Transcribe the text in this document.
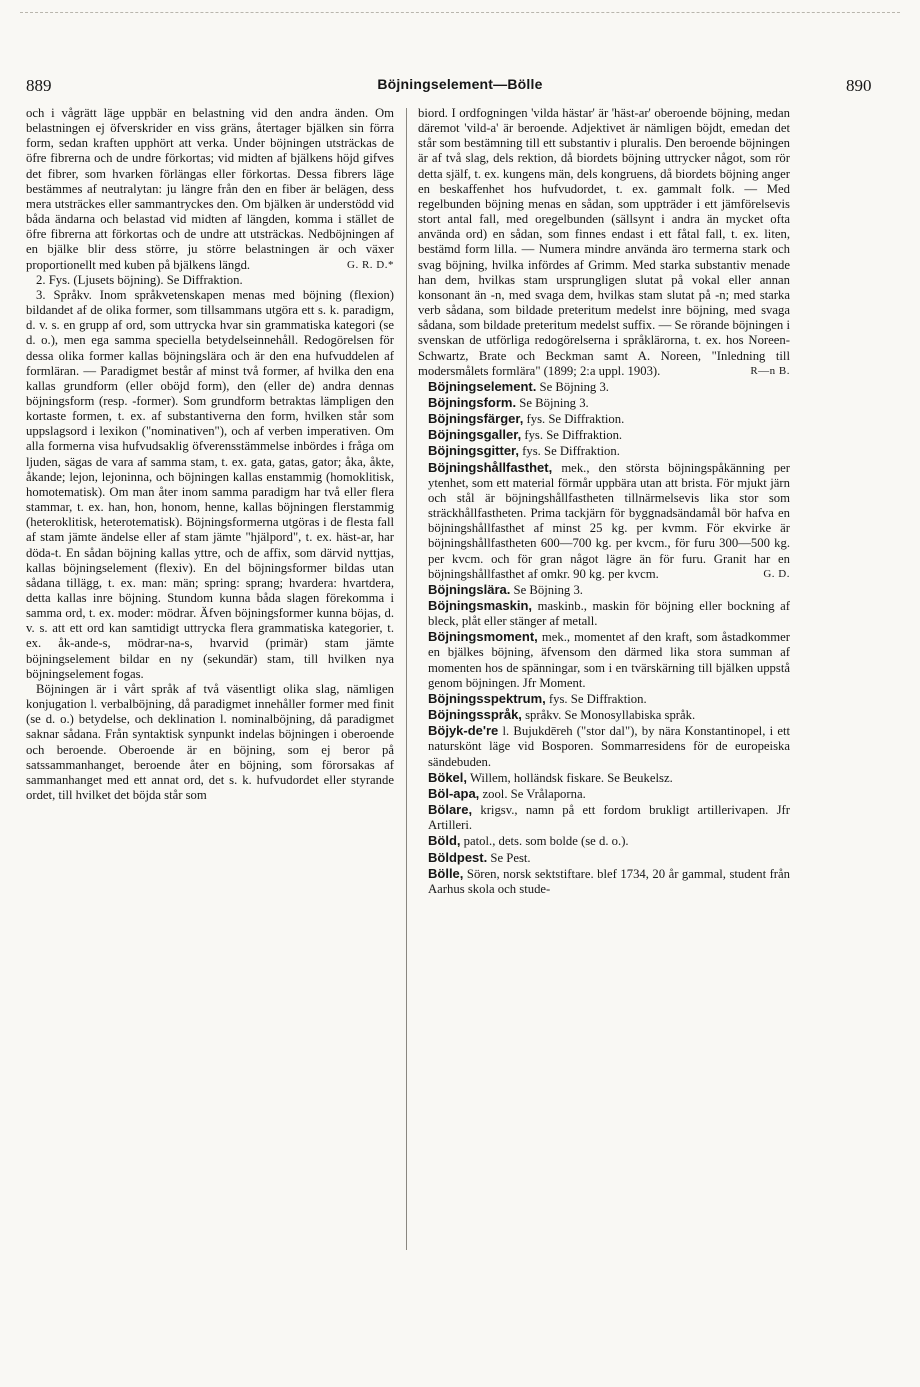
889	Böjningselement—Bölle	890

och i vågrätt läge uppbär en belastning vid den andra änden. Om belastningen ej öfverskrider en viss gräns, återtager bjälken sin förra form, sedan kraften upphört att verka. Under böjningen utsträckas de öfre fibrerna och de undre förkortas; vid midten af bjälkens höjd gifves det fibrer, som hvarken förlängas eller förkortas. Dessa fibrers läge bestämmes af neutralytan: ju längre från den en fiber är belägen, dess mera utsträckes eller sammantryckes den. Om bjälken är understödd vid båda ändarna och belastad vid midten af längden, komma i stället de öfre fibrerna att förkortas och de undre att utsträckas. Nedböjningen af en bjälke blir dess större, ju större belastningen är och växer proportionellt med kuben på bjälkens längd.	G. R. D.*

2. Fys. (Ljusets böjning). Se Diffraktion.

3. Språkv. Inom språkvetenskapen menas med böjning (flexion) bildandet af de olika former, som tillsammans utgöra ett s. k. paradigm, d. v. s. en grupp af ord, som uttrycka hvar sin grammatiska kategori (se d. o.), men ega samma speciella betydelseinnehåll. Redogörelsen för dessa olika former kallas böjningslära och är den ena hufvuddelen af formläran. — Paradigmet består af minst två former, af hvilka den ena kallas grundform (eller oböjd form), den (eller de) andra dennas böjningsform (resp. -former). Som grundform betraktas lämpligen den kortaste formen, t. ex. af substantiverna den form, hvilken står som uppslagsord i lexikon ("nominativen"), och af verben imperativen. Om alla formerna visa hufvudsaklig öfverensstämmelse inbördes i fråga om ljuden, sägas de vara af samma stam, t. ex. gata, gatas, gator; åka, åkte, åkande; lejon, lejoninna, och böjningen kallas enstammig (homoklitisk, homotematisk). Om man åter inom samma paradigm har två eller flera stammar, t. ex. han, hon, honom, henne, kallas böjningen flerstammig (heteroklitisk, heterotematisk). Böjningsformerna utgöras i de flesta fall af stam jämte ändelse eller af stam jämte "hjälpord", t. ex. häst-ar, har döda-t. En sådan böjning kallas yttre, och de affix, som därvid nyttjas, kallas böjningselement (flexiv). En del böjningsformer bildas utan sådana tillägg, t. ex. man: män; spring: sprang; hvardera: hvartdera, detta kallas inre böjning. Stundom kunna båda slagen förekomma i samma ord, t. ex. moder: mödrar. Äfven böjningsformer kunna böjas, d. v. s. att ett ord kan samtidigt uttrycka flera grammatiska kategorier, t. ex. åk-ande-s, mödrar-na-s, hvarvid (primär) stam jämte böjningselement bildar en ny (sekundär) stam, till hvilken nya böjningselement fogas.

Böjningen är i vårt språk af två väsentligt olika slag, nämligen konjugation l. verbalböjning, då paradigmet innehåller former med finit (se d. o.) betydelse, och deklination l. nominalböjning, då paradigmet saknar sådana. Från syntaktisk synpunkt indelas böjningen i oberoende och beroende. Oberoende är en böjning, som ej beror på satssammanhanget, beroende åter en böjning, som förorsakas af sammanhanget med ett annat ord, det s. k. hufvudordet eller styrande ordet, till hvilket det böjda står som

biord. I ordfogningen 'vilda hästar' är 'häst-ar' oberoende böjning, medan däremot 'vild-a' är beroende. Adjektivet är nämligen böjdt, emedan det står som bestämning till ett substantiv i pluralis. Den beroende böjningen är af två slag, dels rektion, då biordets böjning uttrycker något, som rör detta själf, t. ex. kungens män, dels kongruens, då biordets böjning anger en beskaffenhet hos hufvudordet, t. ex. gammalt folk. — Med regelbunden böjning menas en sådan, som uppträder i ett jämförelsevis stort antal fall, med oregelbunden (sällsynt i andra än mycket ofta använda ord) en sådan, som finnes endast i ett fåtal fall, t. ex. liten, bestämd form lilla. — Numera mindre använda äro termerna stark och svag böjning, hvilka infördes af Grimm. Med starka substantiv menade han dem, hvilkas stam ursprungligen slutat på vokal eller annan konsonant än -n, med svaga dem, hvilkas stam slutat på -n; med starka verb sådana, som bildade preteritum medelst inre böjning, med svaga sådana, som bildade preteritum medelst suffix. — Se rörande böjningen i svenskan de utförliga redogörelserna i språklärorna, t. ex. hos Noreen-Schwartz, Brate och Beckman samt A. Noreen, "Inledning till modersmålets formlära" (1899; 2:a uppl. 1903).	R—n B.

Böjningselement. Se Böjning 3.

Böjningsform. Se Böjning 3.

Böjningsfärger, fys. Se Diffraktion.

Böjningsgaller, fys. Se Diffraktion.

Böjningsgitter, fys. Se Diffraktion.

Böjningshållfasthet, mek., den största böjningspåkänning per ytenhet, som ett material förmår uppbära utan att brista. För mjukt järn och stål är böjningshållfastheten tillnärmelsevis lika stor som sträckhållfastheten. Prima tackjärn för byggnadsändamål bör hafva en böjningshållfasthet af minst 25 kg. per kvmm. För ekvirke är böjningshållfastheten 600—700 kg. per kvcm., för furu 300—500 kg. per kvcm. och för gran något lägre än för furu. Granit har en böjningshållfasthet af omkr. 90 kg. per kvcm.	G. D.

Böjningslära. Se Böjning 3.

Böjningsmaskin, maskinb., maskin för böjning eller bockning af bleck, plåt eller stänger af metall.

Böjningsmoment, mek., momentet af den kraft, som åstadkommer en bjälkes böjning, äfvensom den därmed lika stora summan af momenten hos de spänningar, som i en tvärskärning till bjälken uppstå genom böjningen. Jfr Moment.

Böjningsspektrum, fys. Se Diffraktion.

Böjningsspråk, språkv. Se Monosyllabiska språk.

Böjyk-de're l. Bujukdēreh ("stor dal"), by nära Konstantinopel, i ett naturskönt läge vid Bosporen. Sommarresidens för de europeiska sändebuden.

Bökel, Willem, holländsk fiskare. Se Beukelsz.

Böl-apa, zool. Se Vrålaporna.

Bölare, krigsv., namn på ett fordom brukligt artillerivapen. Jfr Artilleri.

Böld, patol., dets. som bolde (se d. o.).

Böldpest. Se Pest.

Bölle, Sören, norsk sektstiftare. blef 1734, 20 år gammal, student från Aarhus skola och stude-
